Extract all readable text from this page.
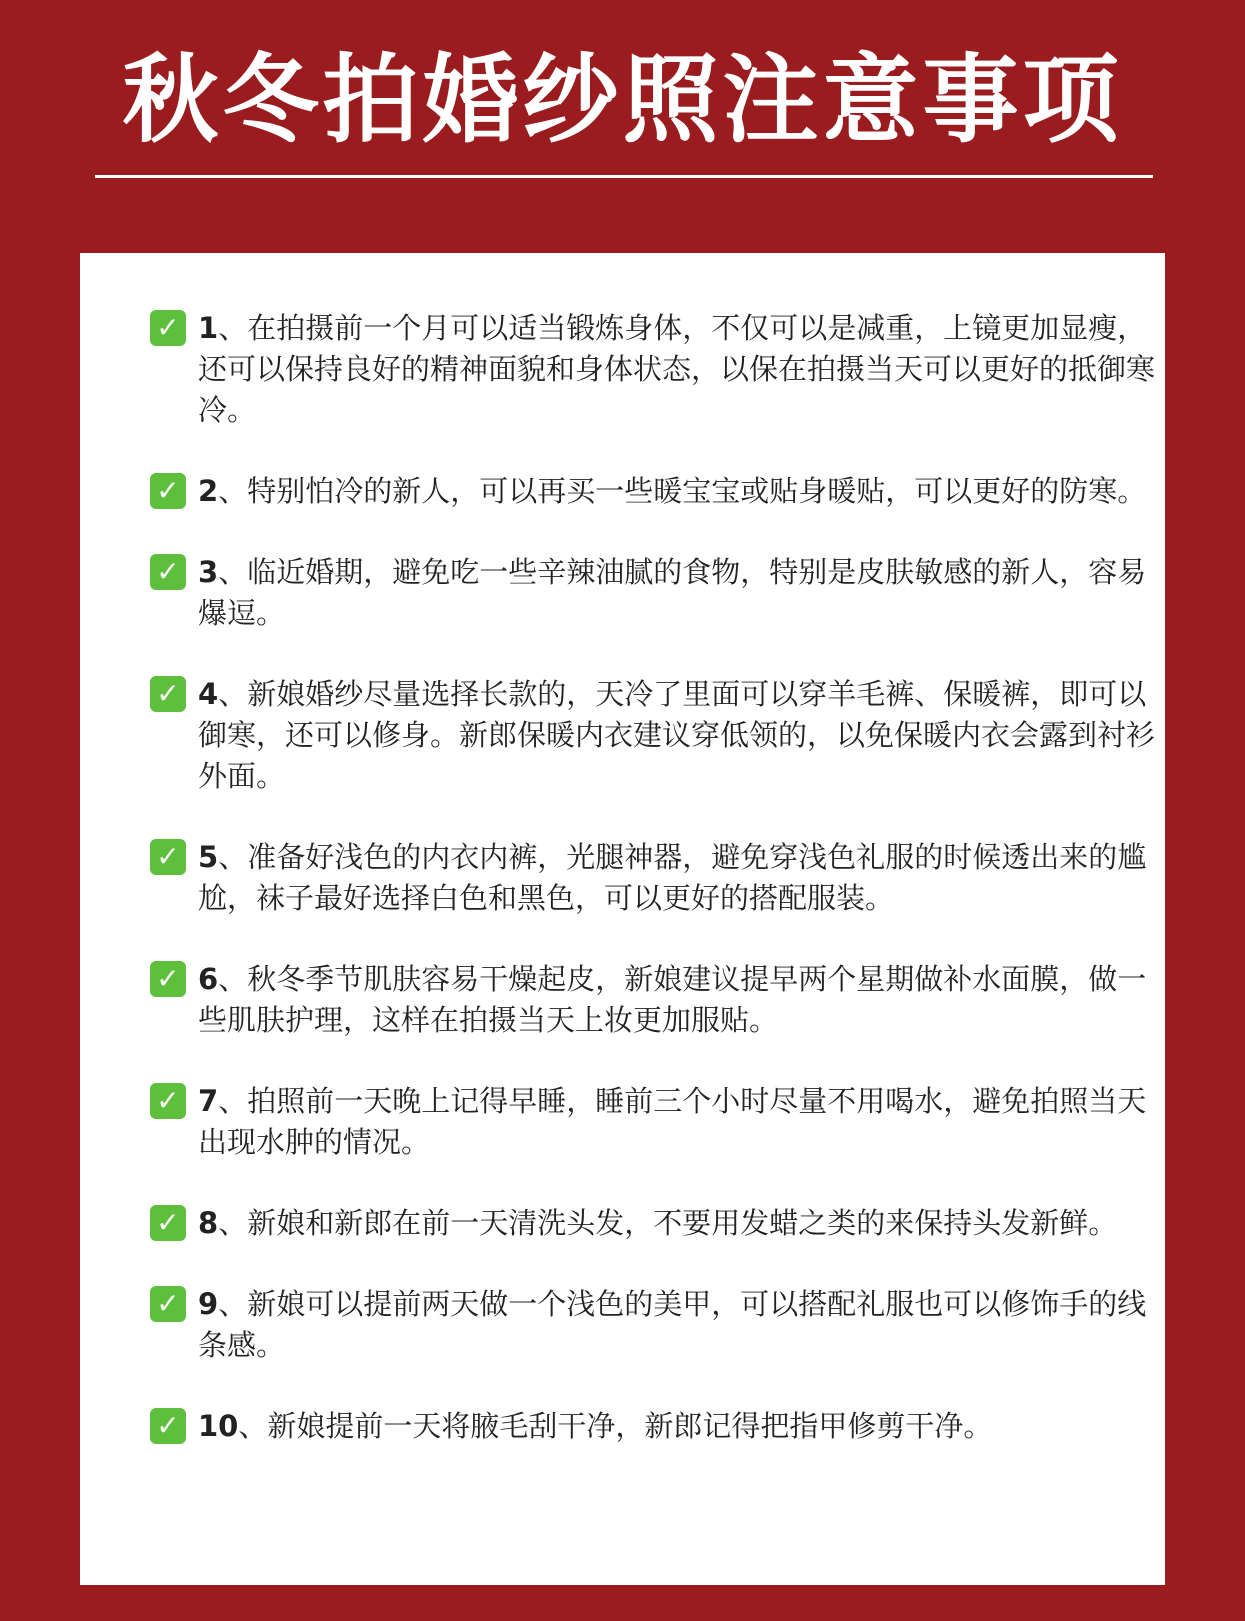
秋冬拍婚纱照注意事项
✓ 1、在拍摄前一个月可以适当锻炼身体，不仅可以是减重，上镜更加显瘦，还可以保持良好的精神面貌和身体状态，以保在拍摄当天可以更好的抵御寒冷。
✓ 2、特别怕冷的新人，可以再买一些暖宝宝或贴身暖贴，可以更好的防寒。
✓ 3、临近婚期，避免吃一些辛辣油腻的食物，特别是皮肤敏感的新人，容易爆逗。
✓ 4、新娘婚纱尽量选择长款的，天冷了里面可以穿羊毛裤、保暖裤，即可以御寒，还可以修身。新郎保暖内衣建议穿低领的，以免保暖内衣会露到衬衫外面。
✓ 5、准备好浅色的内衣内裤，光腿神器，避免穿浅色礼服的时候透出来的尴尬，袜子最好选择白色和黑色，可以更好的搭配服装。
✓ 6、秋冬季节肌肤容易干燥起皮，新娘建议提早两个星期做补水面膜，做一些肌肤护理，这样在拍摄当天上妆更加服贴。
✓ 7、拍照前一天晚上记得早睡，睡前三个小时尽量不用喝水，避免拍照当天出现水肿的情况。
✓ 8、新娘和新郎在前一天清洗头发，不要用发蜡之类的来保持头发新鲜。
✓ 9、新娘可以提前两天做一个浅色的美甲，可以搭配礼服也可以修饰手的线条感。
✓ 10、新娘提前一天将腋毛刮干净，新郎记得把指甲修剪干净。
